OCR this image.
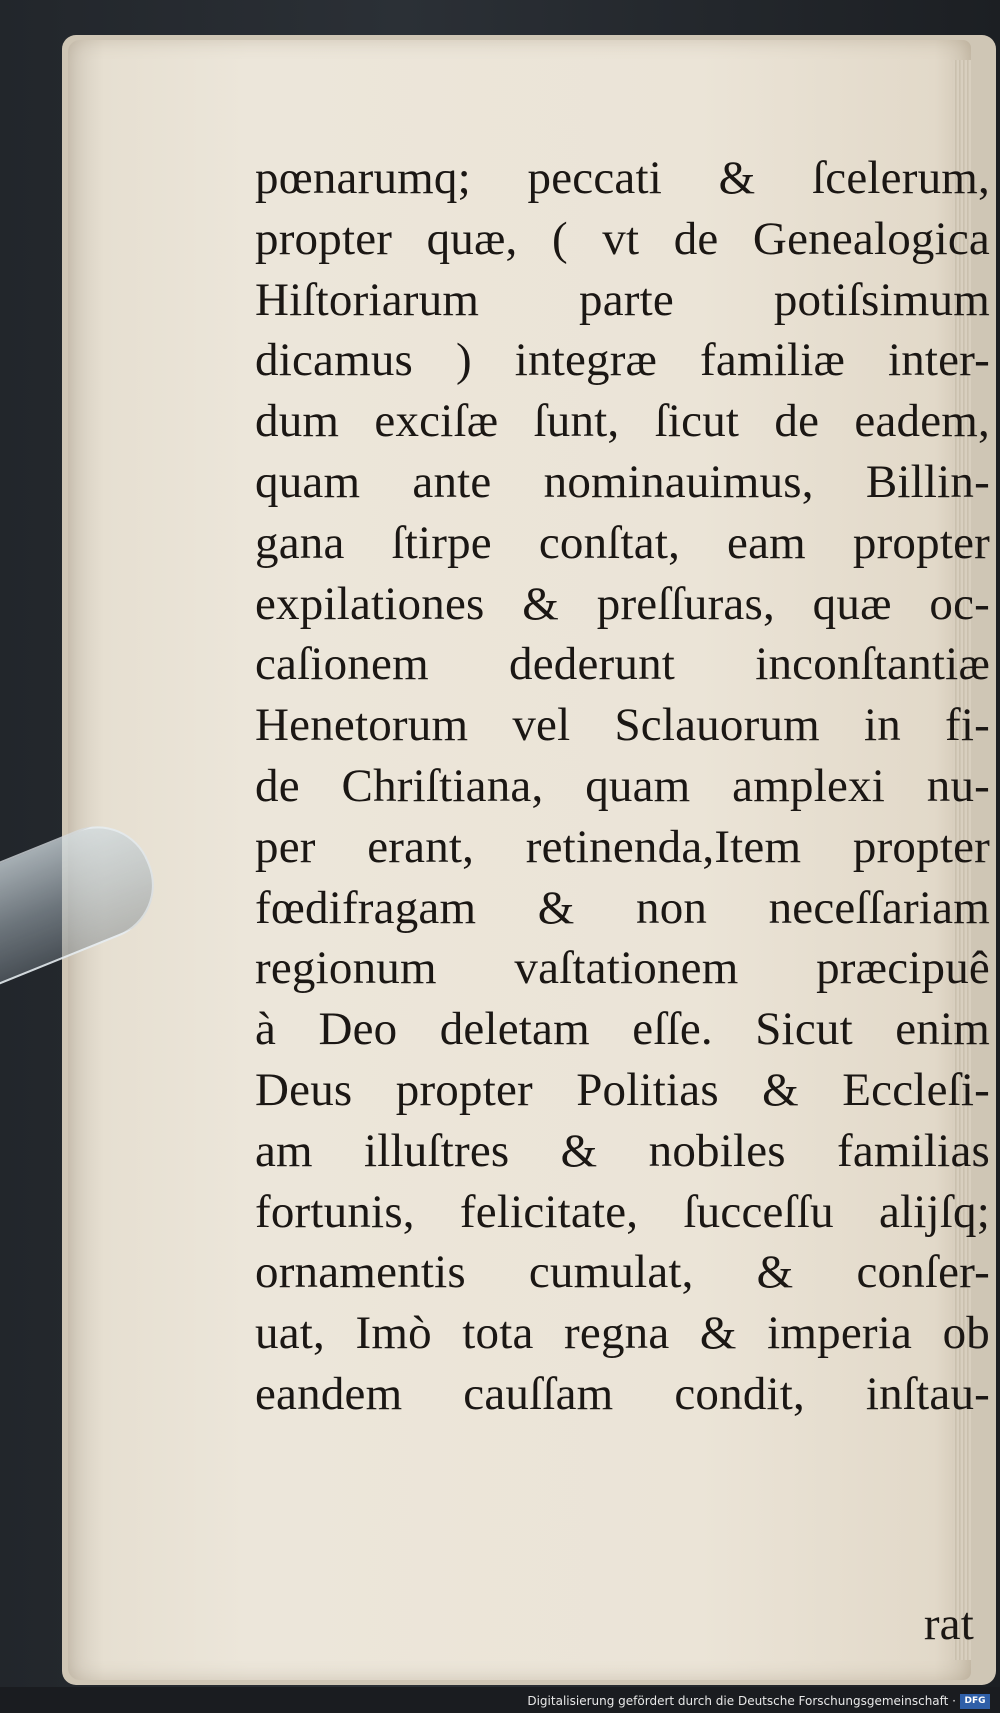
pœnarumq; peccati & ſcelerum,
propter quæ, ( vt de Genealogica
Hiſtoriarum parte potiſsimum
dicamus ) integræ familiæ inter-
dum exciſæ ſunt, ſicut de eadem,
quam ante nominauimus, Billin-
gana ſtirpe conſtat, eam propter
expilationes & preſſuras, quæ oc-
caſionem dederunt inconſtantiæ
Henetorum vel Sclauorum in fi-
de Chriſtiana, quam amplexi nu-
per erant, retinenda,Item propter
fœdifragam & non neceſſariam
regionum vaſtationem præcipuê
à Deo deletam eſſe. Sicut enim
Deus propter Politias & Eccleſi-
am illuſtres & nobiles familias
fortunis, felicitate, ſucceſſu alijſq;
ornamentis cumulat, & conſer-
uat, Imò tota regna & imperia ob
eandem cauſſam condit, inſtau-
rat
Digitalisierung gefördert durch die Deutsche Forschungsgemeinschaft · DFG
